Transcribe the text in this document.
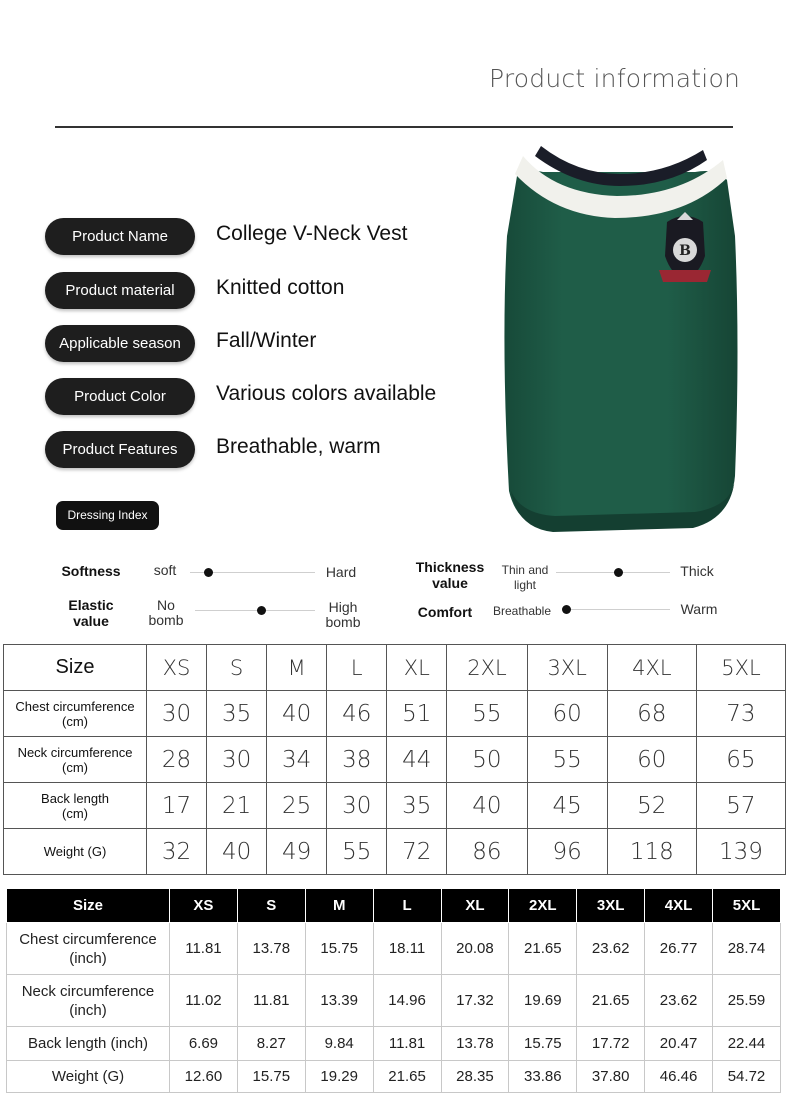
Product information
Product Name	College V-Neck Vest
Product material	Knitted cotton
Applicable season	Fall/Winter
Product Color	Various colors available
Product Features	Breathable, warm
B
Dressing Index
Softness	soft	Hard
Elastic
value
No
bomb
High
bomb
Thickness
value
Thin and
light
Thick
Comfort	Breathable	Warm
Size	XS	S	M	L	XL	2XL	3XL	4XL	5XL

Chest circumference
(cm)	30	35	40	46	51	55	60	68	73

Neck circumference
(cm)	28	30	34	38	44	50	55	60	65

Back length
(cm)	17	21	25	30	35	40	45	52	57

Weight (G)	32	40	49	55	72	86	96	118	139
Size	XS	S	M	L	XL	2XL	3XL	4XL	5XL

Chest circumference
(inch)	11.81	13.78	15.75	18.11	20.08	21.65	23.62	26.77	28.74

Neck circumference
(inch)	11.02	11.81	13.39	14.96	17.32	19.69	21.65	23.62	25.59

Back length (inch)	6.69	8.27	9.84	11.81	13.78	15.75	17.72	20.47	22.44

Weight (G)	12.60	15.75	19.29	21.65	28.35	33.86	37.80	46.46	54.72
